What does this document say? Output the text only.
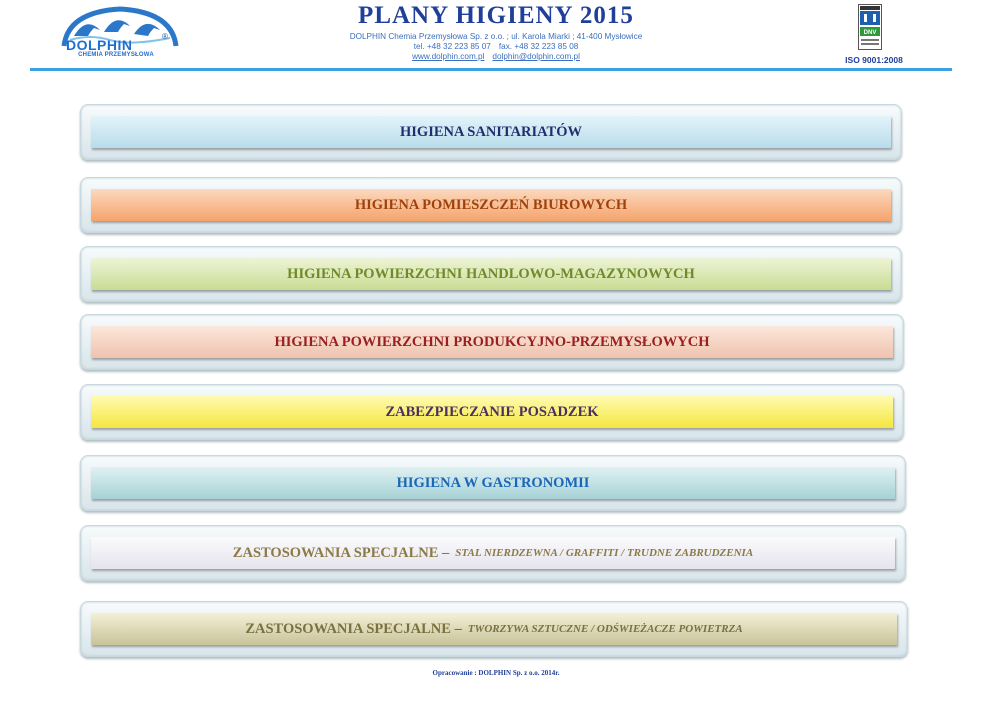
DOLPHIN
®
CHEMIA PRZEMYSŁOWA
PLANY HIGIENY 2015
DOLPHIN Chemia Przemysłowa Sp. z o.o. ; ul. Karola Miarki ; 41-400 Mysłowice
tel. +48 32 223 85 07 fax. +48 32 223 85 08
www.dolphin.com.pl dolphin@dolphin.com.pl
DNV
ISO 9001:2008
HIGIENA SANITARIATÓW
HIGIENA POMIESZCZEŃ BIUROWYCH
HIGIENA POWIERZCHNI HANDLOWO-MAGAZYNOWYCH
HIGIENA POWIERZCHNI PRODUKCYJNO-PRZEMYSŁOWYCH
ZABEZPIECZANIE POSADZEK
HIGIENA W GASTRONOMII
ZASTOSOWANIA SPECJALNE – STAL NIERDZEWNA / GRAFFITI / TRUDNE ZABRUDZENIA
ZASTOSOWANIA SPECJALNE – TWORZYWA SZTUCZNE / ODŚWIEŻACZE POWIETRZA
Opracowanie : DOLPHIN Sp. z o.o. 2014r.
